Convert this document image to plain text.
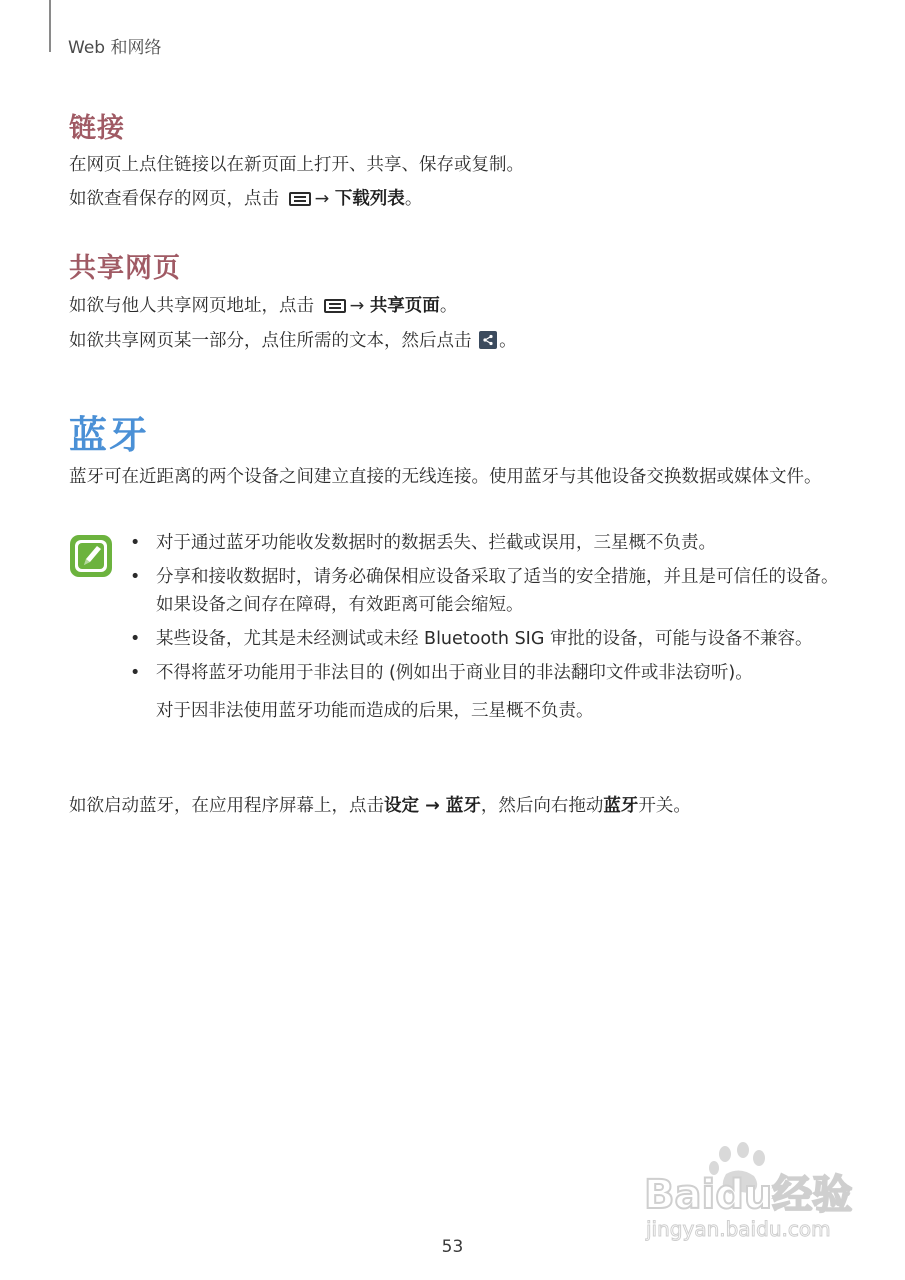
Web 和网络
链接
在网页上点住链接以在新页面上打开、共享、保存或复制。
如欲查看保存的网页，点击 → 下载列表。
共享网页
如欲与他人共享网页地址，点击 → 共享页面。
如欲共享网页某一部分，点住所需的文本，然后点击
。
蓝牙
蓝牙可在近距离的两个设备之间建立直接的无线连接。使用蓝牙与其他设备交换数据或媒体文件。
• 对于通过蓝牙功能收发数据时的数据丢失、拦截或误用，三星概不负责。
• 分享和接收数据时，请务必确保相应设备采取了适当的安全措施，并且是可信任的设备。如果设备之间存在障碍，有效距离可能会缩短。
• 某些设备，尤其是未经测试或未经 Bluetooth SIG 审批的设备，可能与设备不兼容。
• 不得将蓝牙功能用于非法目的 (例如出于商业目的非法翻印文件或非法窃听)。
对于因非法使用蓝牙功能而造成的后果，三星概不负责。
如欲启动蓝牙，在应用程序屏幕上，点击设定 → 蓝牙，然后向右拖动蓝牙开关。
Baidu经验
jingyan.baidu.com
53
